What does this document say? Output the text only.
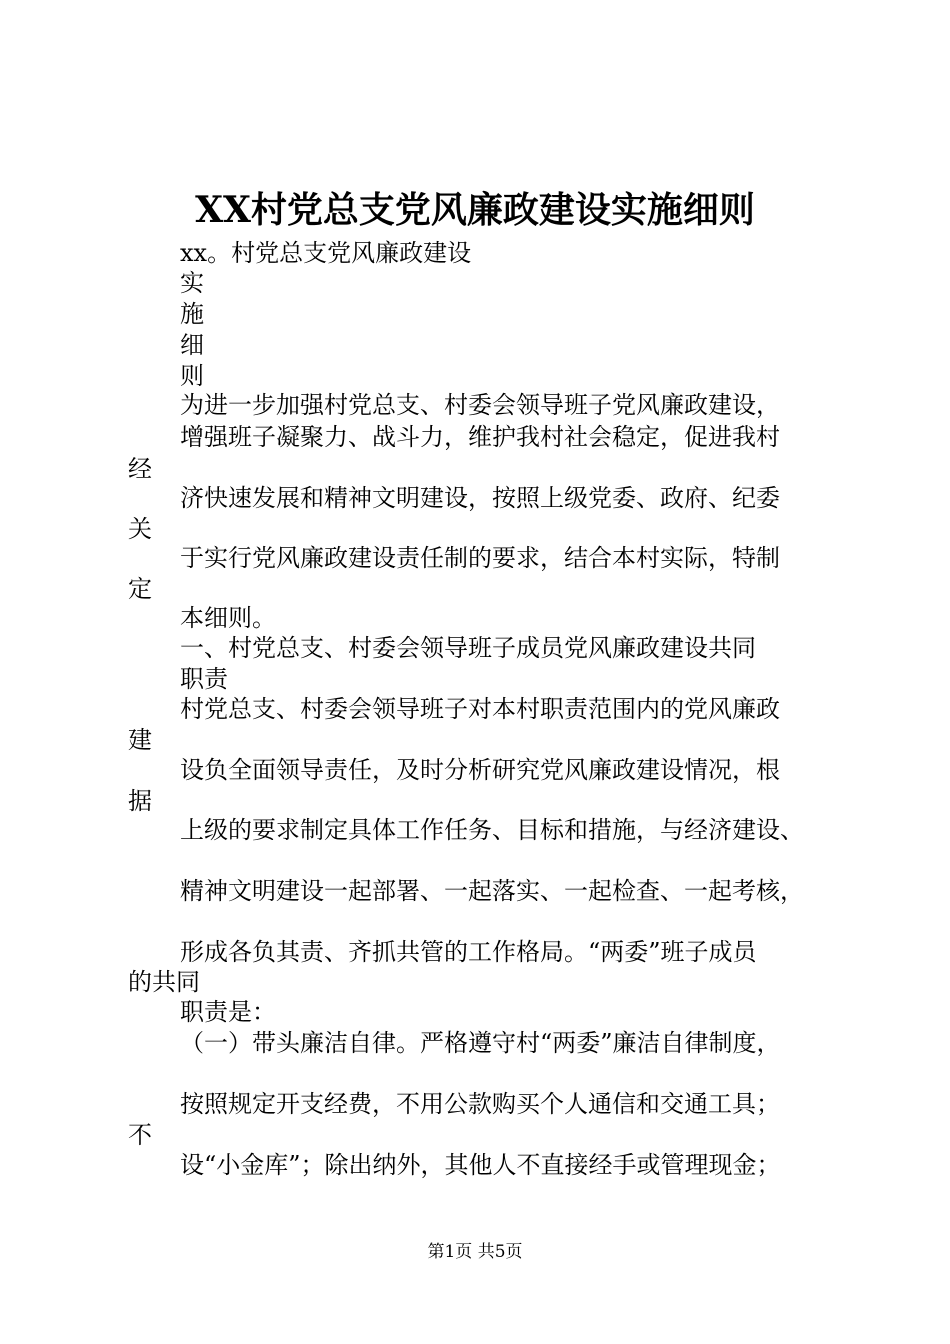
XX村党总支党风廉政建设实施细则
xx。村党总支党风廉政建设
实
施
细
则
为进一步加强村党总支、村委会领导班子党风廉政建设，
增强班子凝聚力、战斗力，维护我村社会稳定，促进我村
经
济快速发展和精神文明建设，按照上级党委、政府、纪委
关
于实行党风廉政建设责任制的要求，结合本村实际，特制
定
本细则。
一、村党总支、村委会领导班子成员党风廉政建设共同
职责
村党总支、村委会领导班子对本村职责范围内的党风廉政
建
设负全面领导责任，及时分析研究党风廉政建设情况，根
据
上级的要求制定具体工作任务、目标和措施，与经济建设、
精神文明建设一起部署、一起落实、一起检查、一起考核，
形成各负其责、齐抓共管的工作格局。“两委”班子成员
的共同
职责是：
（一）带头廉洁自律。严格遵守村“两委”廉洁自律制度，
按照规定开支经费，不用公款购买个人通信和交通工具；
不
设“小金库”；除出纳外，其他人不直接经手或管理现金；
第1页 共5页
